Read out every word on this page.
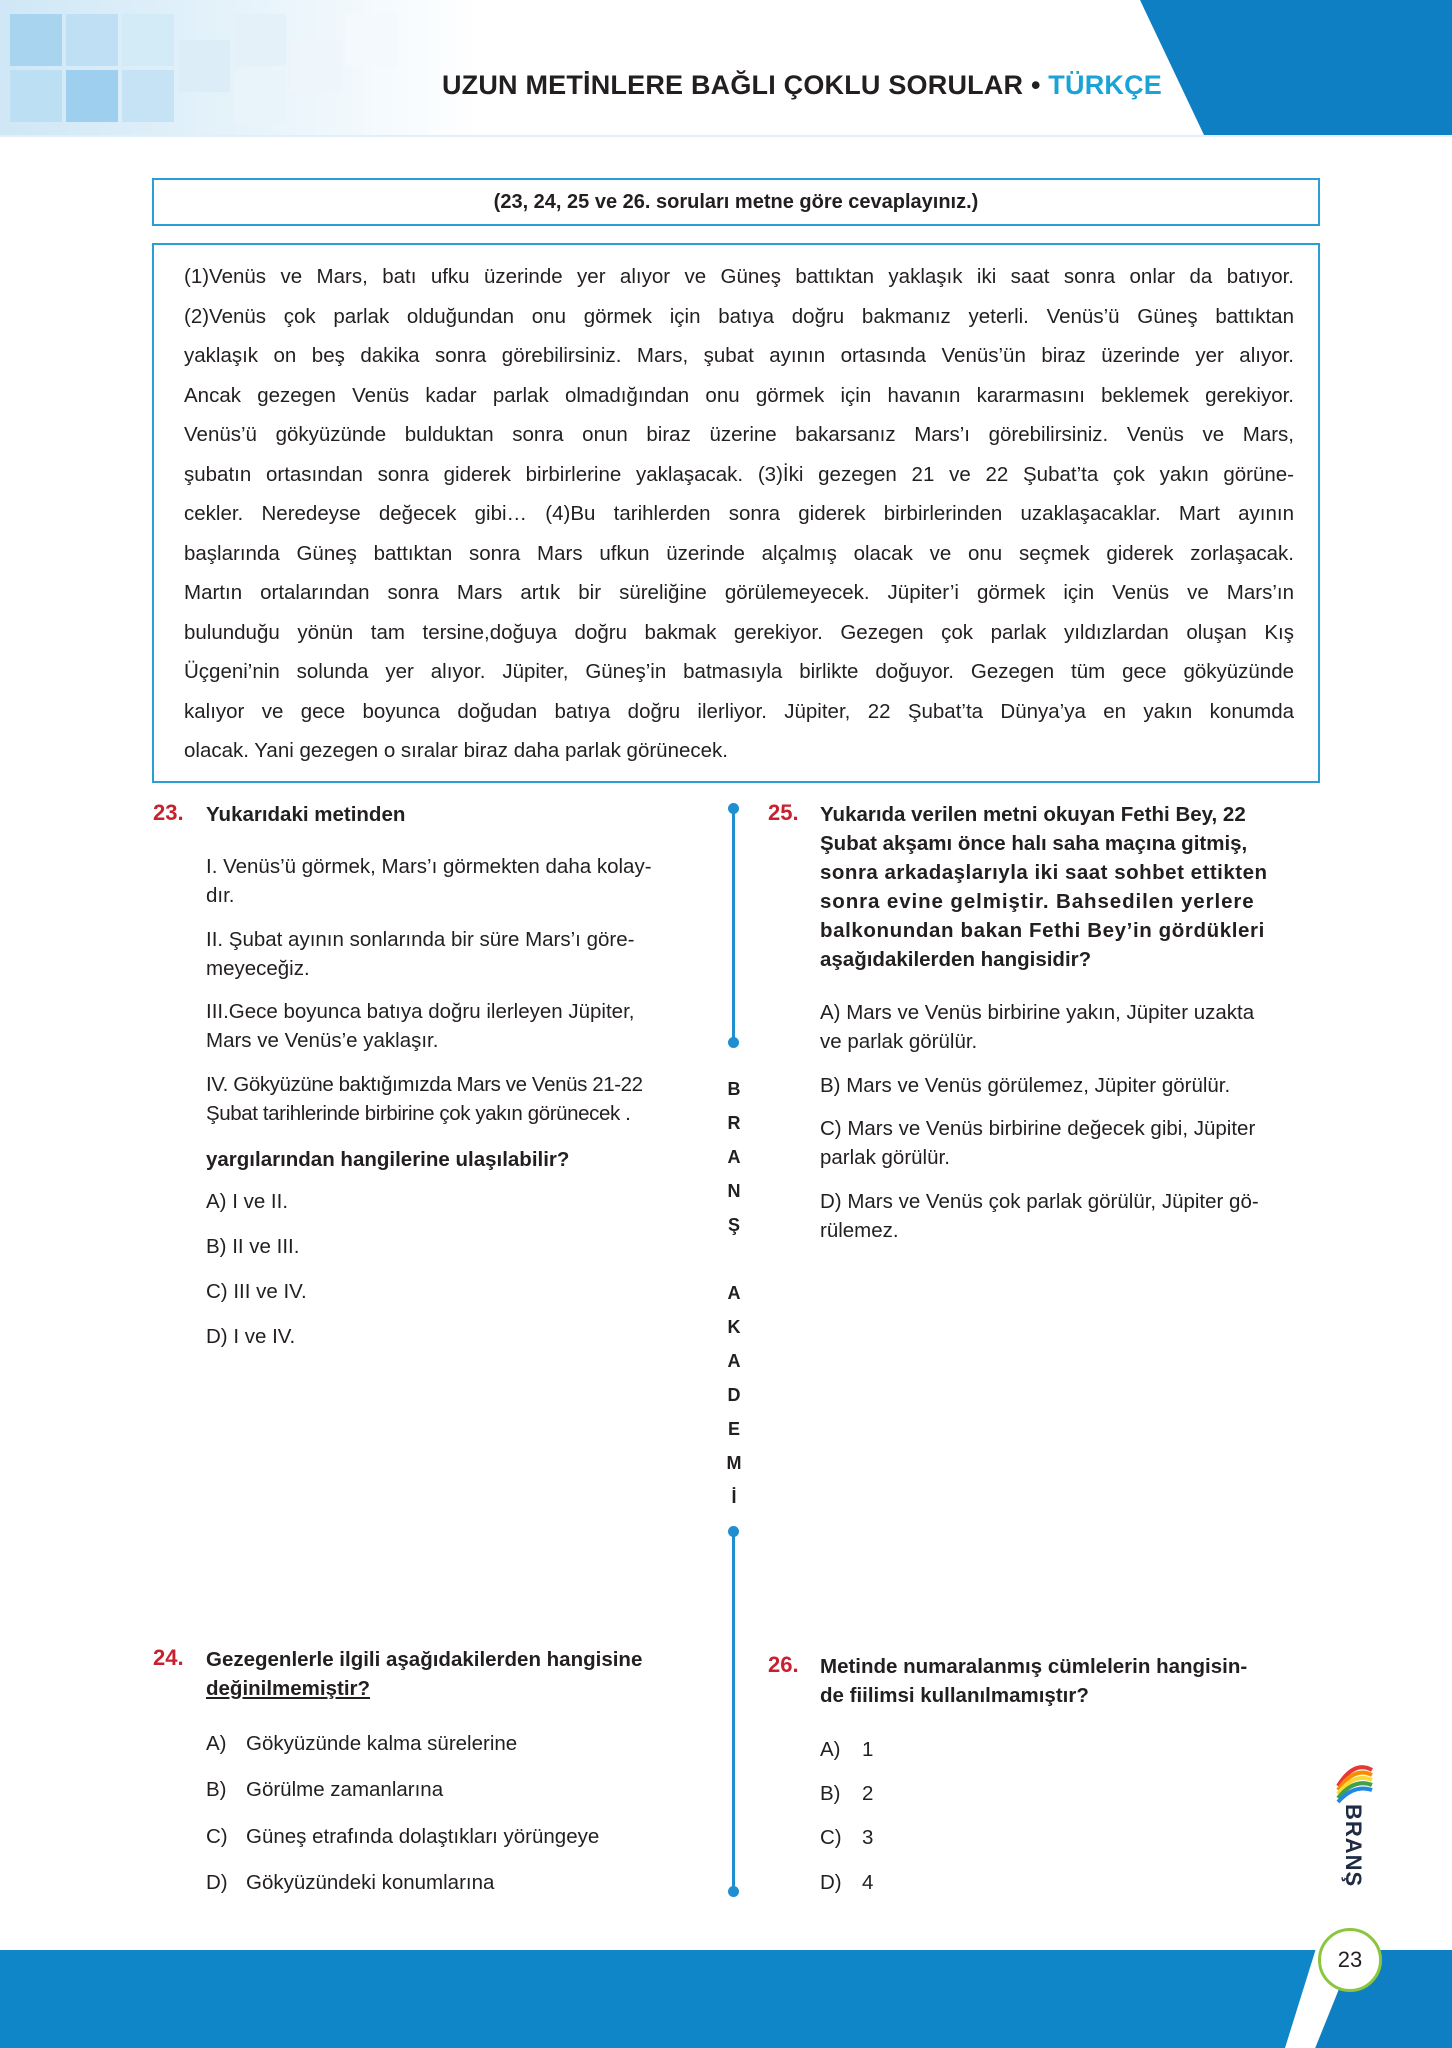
UZUN METİNLERE BAĞLI ÇOKLU SORULAR • TÜRKÇE
(23, 24, 25 ve 26. soruları metne göre cevaplayınız.)

(1)Venüs ve Mars, batı ufku üzerinde yer alıyor ve Güneş battıktan yaklaşık iki saat sonra onlar da batıyor.

(2)Venüs çok parlak olduğundan onu görmek için batıya doğru bakmanız yeterli. Venüs’ü Güneş battıktan

yaklaşık on beş dakika sonra görebilirsiniz. Mars, şubat ayının ortasında Venüs’ün biraz üzerinde yer alıyor.

Ancak gezegen Venüs kadar parlak olmadığından onu görmek için havanın kararmasını beklemek gerekiyor.

Venüs’ü gökyüzünde bulduktan sonra onun biraz üzerine bakarsanız Mars’ı görebilirsiniz. Venüs ve Mars,

şubatın ortasından sonra giderek birbirlerine yaklaşacak. (3)İki gezegen 21 ve 22 Şubat’ta çok yakın görüne-

cekler. Neredeyse değecek gibi… (4)Bu tarihlerden sonra giderek birbirlerinden uzaklaşacaklar. Mart ayının

başlarında Güneş battıktan sonra Mars ufkun üzerinde alçalmış olacak ve onu seçmek giderek zorlaşacak.

Martın ortalarından sonra Mars artık bir süreliğine görülemeyecek. Jüpiter’i görmek için Venüs ve Mars’ın

bulunduğu yönün tam tersine,doğuya doğru bakmak gerekiyor. Gezegen çok parlak yıldızlardan oluşan Kış

Üçgeni’nin solunda yer alıyor. Jüpiter, Güneş’in batmasıyla birlikte doğuyor. Gezegen tüm gece gökyüzünde

kalıyor ve gece boyunca doğudan batıya doğru ilerliyor. Jüpiter, 22 Şubat’ta Dünya’ya en yakın konumda

olacak. Yani gezegen o sıralar biraz daha parlak görünecek.

23. Yukarıdaki metinden
I. Venüs’ü görmek, Mars’ı görmekten daha kolay-
dır.
II. Şubat ayının sonlarında bir süre Mars’ı göre-
meyeceğiz.
III.Gece boyunca batıya doğru ilerleyen Jüpiter,
Mars ve Venüs’e yaklaşır.
IV. Gökyüzüne baktığımızda Mars ve Venüs 21-22
Şubat tarihlerinde birbirine çok yakın görünecek .
yargılarından hangilerine ulaşılabilir?
A) I ve II.
B) II ve III.
C) III ve IV.
D) I ve IV.
24. Gezegenlerle ilgili aşağıdakilerden hangisine
değinilmemiştir?
A) Gökyüzünde kalma sürelerine
B) Görülme zamanlarına
C) Güneş etrafında dolaştıkları yörüngeye
D) Gökyüzündeki konumlarına
B
R
A
N
Ş
A
K
A
D
E
M
İ
25. Yukarıda verilen metni okuyan Fethi Bey, 22
Şubat akşamı önce halı saha maçına gitmiş,
sonra arkadaşlarıyla iki saat sohbet ettikten
sonra evine gelmiştir. Bahsedilen yerlere
balkonundan bakan Fethi Bey’in gördükleri
aşağıdakilerden hangisidir?
A) Mars ve Venüs birbirine yakın, Jüpiter uzakta
ve parlak görülür.
B) Mars ve Venüs görülemez, Jüpiter görülür.
C) Mars ve Venüs birbirine değecek gibi, Jüpiter
parlak görülür.
D) Mars ve Venüs çok parlak görülür, Jüpiter gö-
rülemez.
26. Metinde numaralanmış cümlelerin hangisin-
de fiilimsi kullanılmamıştır?
A) 1
B) 2
C) 3
D) 4	BRANŞ
23
